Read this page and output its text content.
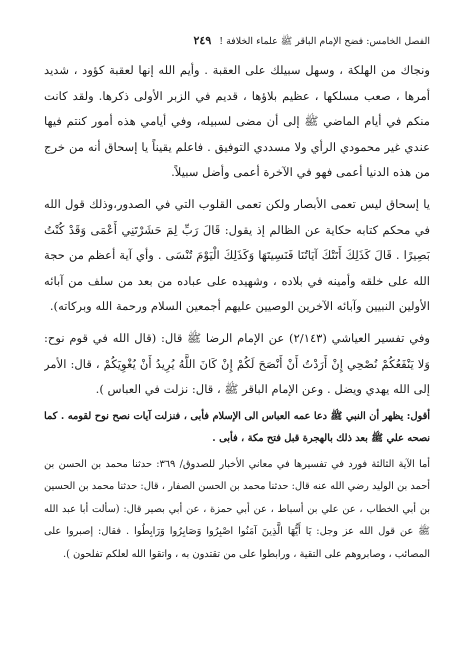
الفصل الخامس: فضح الإمام الباقر ﷺ علماء الخلافة !
٢٤٩

ونجاك من الهلكة ، وسهل سبيلك على العقبة . وأيم الله إنها لعقبة كؤود ، شديد أمرها ، صعب مسلكها ، عظيم بلاؤها ، قديم في الزبر الأولى ذكرها. ولقد كانت منكم في أيام الماضي ﷺ إلى أن مضى لسبيله، وفي أيامي هذه أمور كنتم فيها عندي غير محمودي الرأي ولا مسددي التوفيق . فاعلم يقيناً يا إسحاق أنه من خرج من هذه الدنيا أعمى فهو في الآخرة أعمى وأضل سبيلاً.

يا إسحاق ليس تعمى الأبصار ولكن تعمى القلوب التي في الصدور،وذلك قول الله في محكم كتابه حكاية عن الظالم إذ يقول: قَالَ رَبِّ لِمَ حَشَرْتَنِي أَعْمَى وَقَدْ كُنْتُ بَصِيرًا . قَالَ كَذَلِكَ أَتَتْكَ آيَاتُنَا فَنَسِيتَهَا وَكَذَلِكَ الْيَوْمَ تُنْسَى . وأي آية أعظم من حجة الله على خلقه وأمينه في بلاده ، وشهيده على عباده من بعد من سلف من آبائه الأولين النبيين وآبائه الآخرين الوصيين عليهم أجمعين السلام ورحمة الله وبركاته).

وفي تفسير العياشي (٢/١٤٣) عن الإمام الرضا ﷺ قال: (قال الله في قوم نوح: وَلا يَنْفَعُكُمْ نُصْحِي إِنْ أَرَدْتُ أَنْ أَنْصَحَ لَكُمْ إِنْ كَانَ اللَّهُ يُرِيدُ أَنْ يُغْوِيَكُمْ ، قال: الأمر إلى الله يهدي ويضل . وعن الإمام الباقر ﷺ ، قال: نزلت في العباس ).

أقول: يظهر أن النبي ﷺ دعا عمه العباس الى الإسلام فأبى ، فنزلت آيات نصح نوح لقومه . كما نصحه علي ﷺ بعد ذلك بالهجرة قبل فتح مكة ، فأبى .

أما الآية الثالثة فورد في تفسيرها في معاني الأخبار للصدوق/ ٣٦٩: حدثنا محمد بن الحسن بن أحمد بن الوليد رضي الله عنه قال: حدثنا محمد بن الحسن الصفار ، قال: حدثنا محمد بن الحسين بن أبي الخطاب ، عن علي بن أسباط ، عن أبي حمزة ، عن أبي بصير قال: (سألت أبا عبد الله ﷺ عن قول الله عز وجل: يَا أَيُّهَا الَّذِينَ آمَنُوا اصْبِرُوا وَصَابِرُوا وَرَابِطُوا . فقال: إصبروا على المصائب ، وصابروهم على التقية ، ورابطوا على من تقتدون به ، واتقوا الله لعلكم تفلحون ).
